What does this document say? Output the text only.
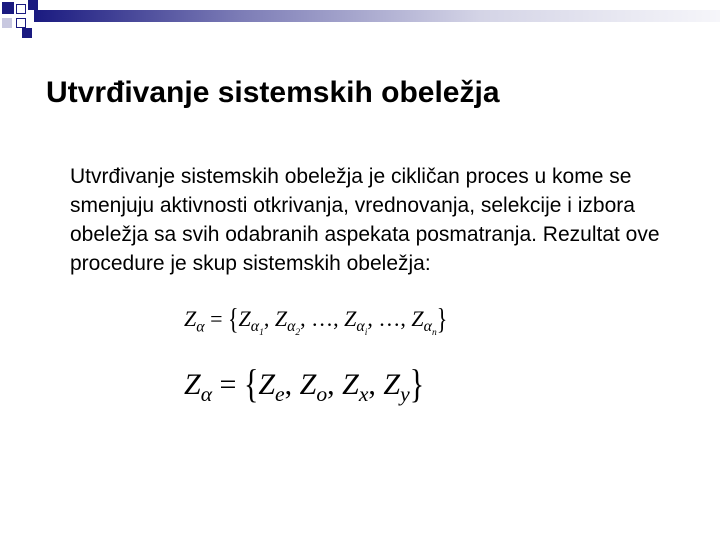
Utvrđivanje sistemskih obeležja
Utvrđivanje sistemskih obeležja je cikličan proces u kome se smenjuju aktivnosti otkrivanja, vrednovanja, selekcije i izbora obeležja sa svih odabranih aspekata posmatranja. Rezultat ove procedure je skup sistemskih obeležja:
$Z_\alpha = \{Z_{\alpha_1}$, $Z_{\alpha_2}$, …, $Z_{\alpha_i}$, …, $Z_{\alpha_n}$}
$Z_\alpha = \{Z_e$, $Z_o$, $Z_x$, $Z_y$}
